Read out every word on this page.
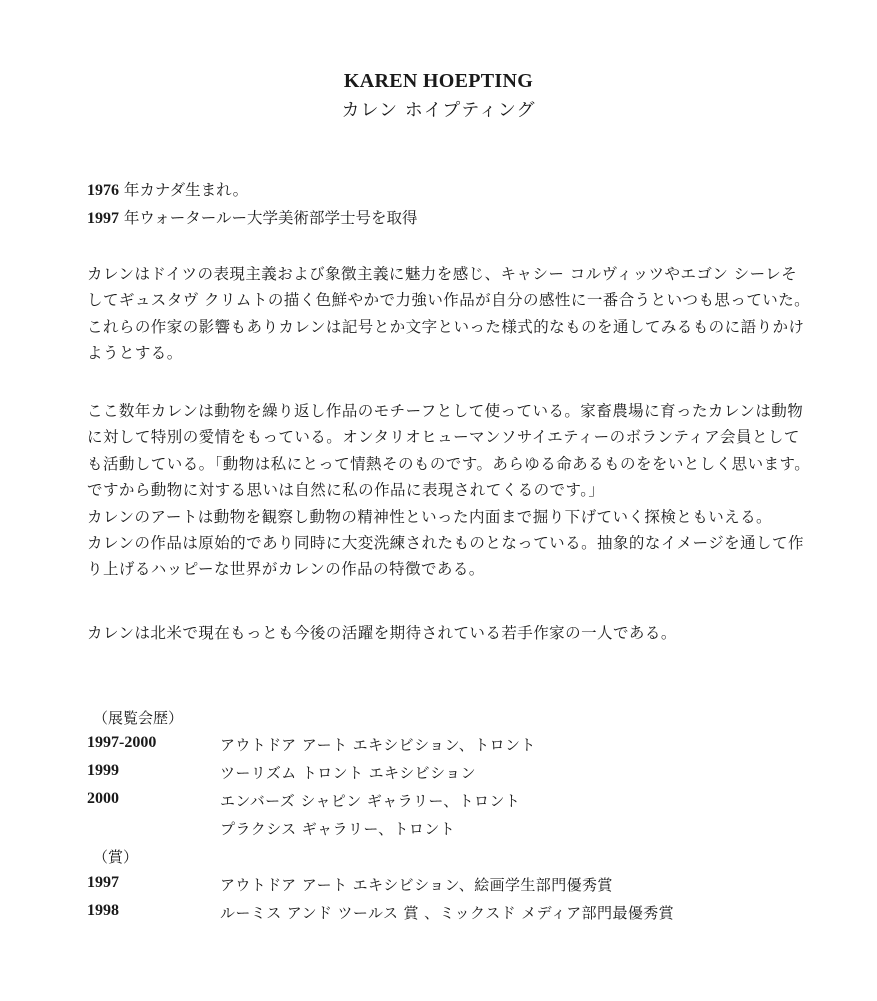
KAREN HOEPTING
カレン ホイプティング
1976 年カナダ生まれ。
1997 年ウォータールー大学美術部学士号を取得
カレンはドイツの表現主義および象徴主義に魅力を感じ、キャシー コルヴィッツやエゴン シーレそ
してギュスタヴ クリムトの描く色鮮やかで力強い作品が自分の感性に一番合うといつも思っていた。
これらの作家の影響もありカレンは記号とか文字といった様式的なものを通してみるものに語りかけ
ようとする。
ここ数年カレンは動物を繰り返し作品のモチーフとして使っている。家畜農場に育ったカレンは動物
に対して特別の愛情をもっている。オンタリオヒューマンソサイエティーのボランティア会員として
も活動している。「動物は私にとって情熱そのものです。あらゆる命あるものををいとしく思います。
ですから動物に対する思いは自然に私の作品に表現されてくるのです。」
カレンのアートは動物を観察し動物の精神性といった内面まで掘り下げていく探検ともいえる。
カレンの作品は原始的であり同時に大変洗練されたものとなっている。抽象的なイメージを通して作
り上げるハッピーな世界がカレンの作品の特徴である。
カレンは北米で現在もっとも今後の活躍を期待されている若手作家の一人である。
（展覧会歴）
1997-2000	アウトドア アート エキシビション、トロント
1999	ツーリズム トロント エキシビション
2000	エンバーズ シャピン ギャラリー、トロント
プラクシス ギャラリー、トロント
（賞）
1997	アウトドア アート エキシビション、絵画学生部門優秀賞
1998	ルーミス アンド ツールス 賞 、ミックスド メディア部門最優秀賞
